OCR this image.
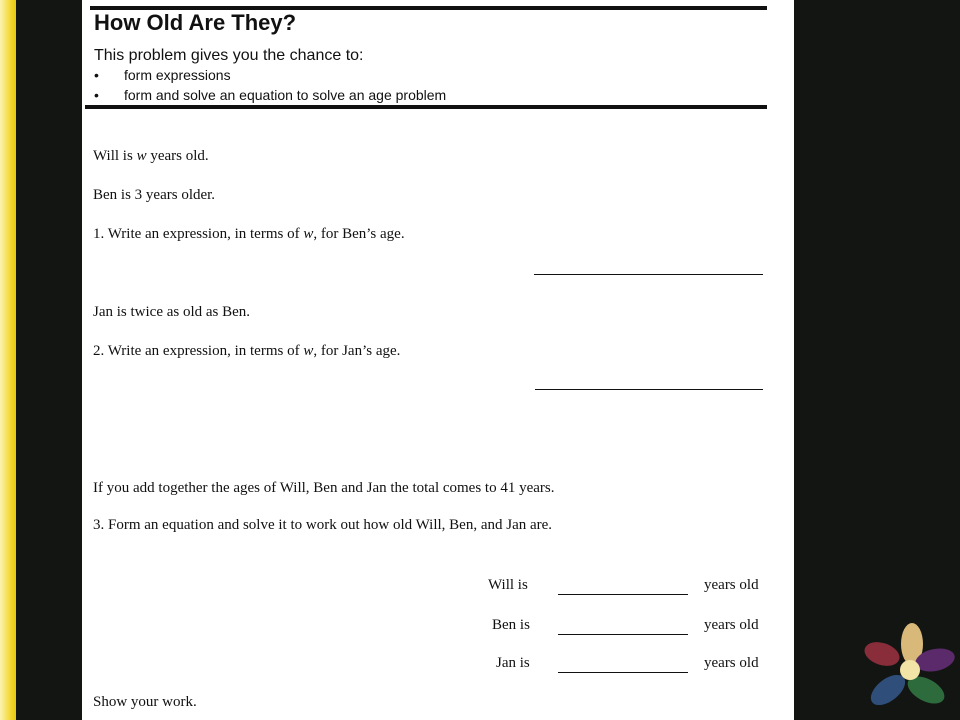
How Old Are They?
This problem gives you the chance to:
• form expressions
• form and solve an equation to solve an age problem
Will is w years old.
Ben is 3 years older.
1. Write an expression, in terms of w, for Ben’s age.
Jan is twice as old as Ben.
2. Write an expression, in terms of w, for Jan’s age.
If you add together the ages of Will, Ben and Jan the total comes to 41 years.
3. Form an equation and solve it to work out how old Will, Ben, and Jan are.
Will is	years old
Ben is	years old
Jan is	years old
Show your work.
